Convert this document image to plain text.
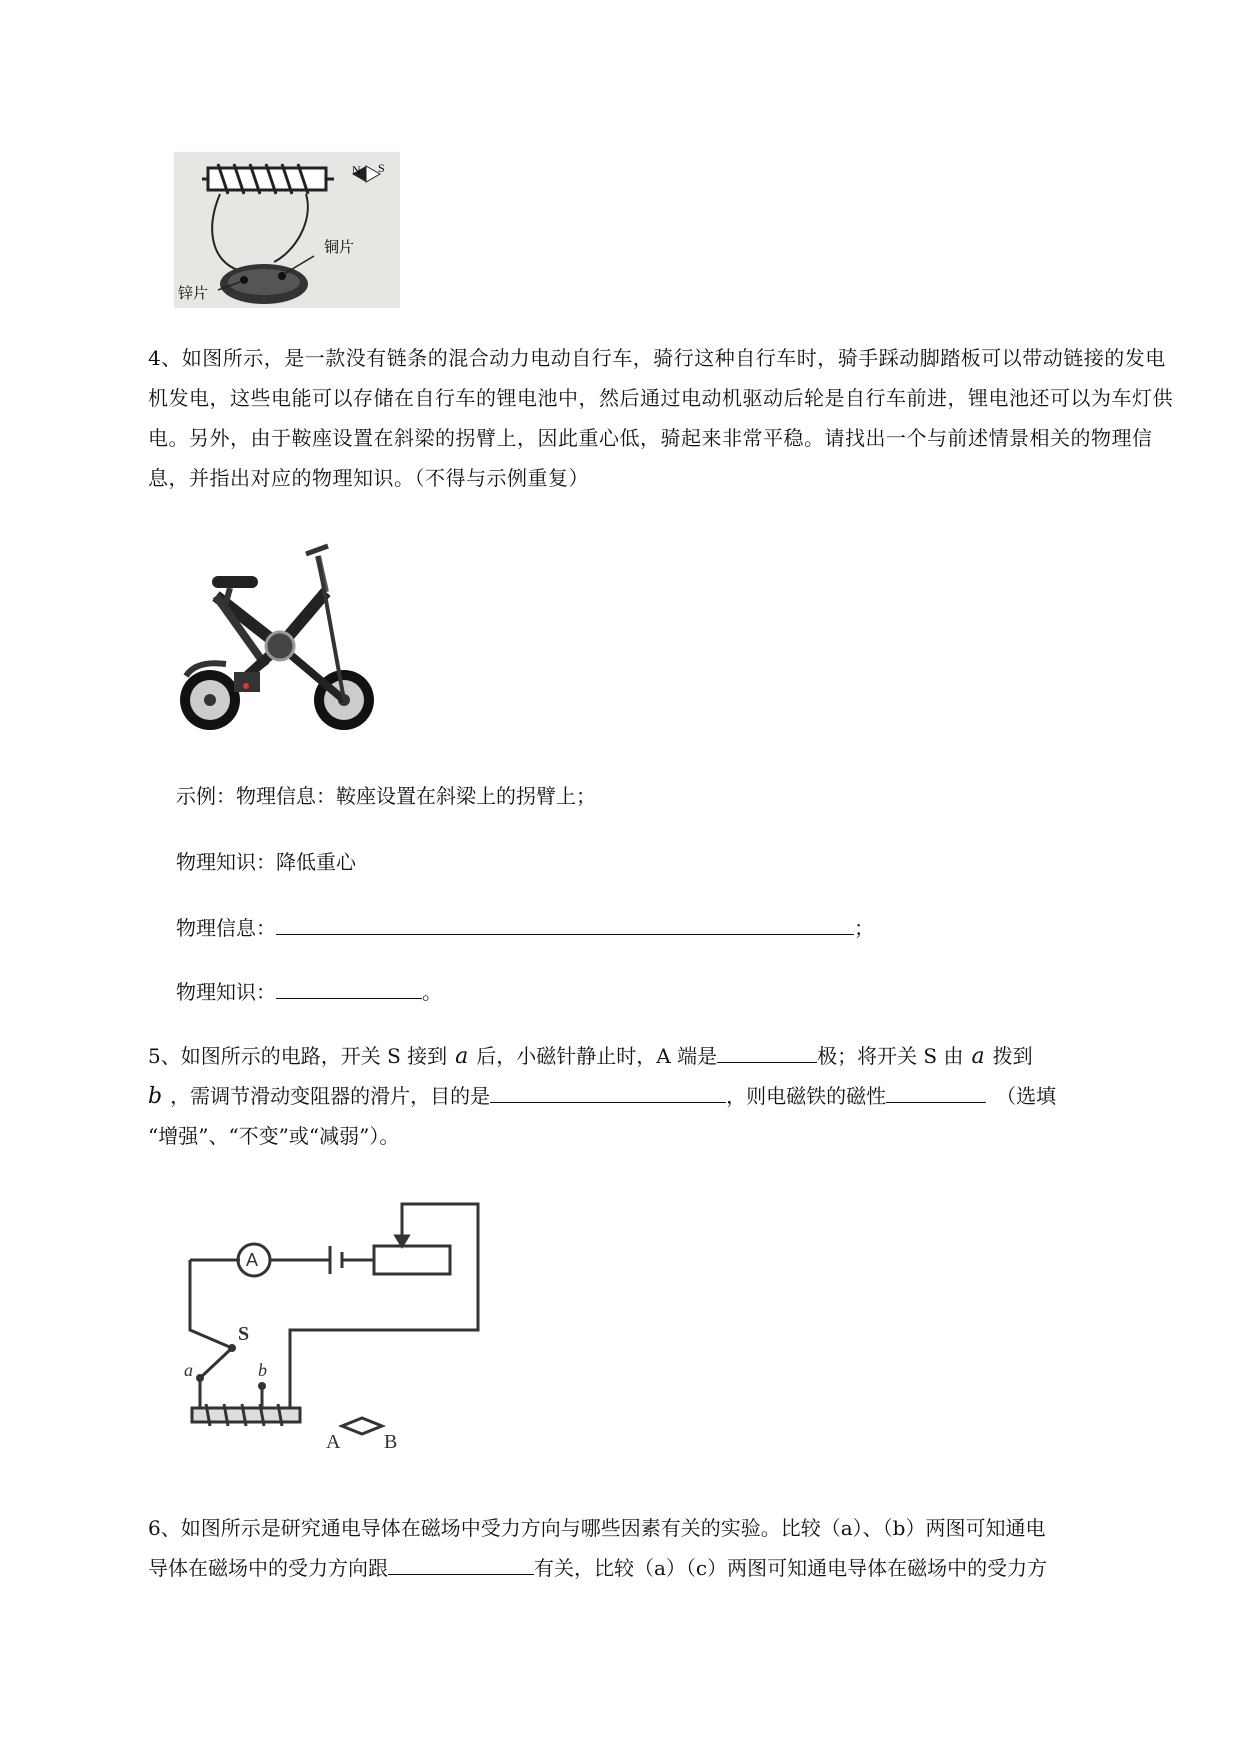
N S
铜片
锌片
4、如图所示，是一款没有链条的混合动力电动自行车，骑行这种自行车时，骑手踩动脚踏板可以带动链接的发电机发电，这些电能可以存储在自行车的锂电池中，然后通过电动机驱动后轮是自行车前进，锂电池还可以为车灯供电。另外，由于鞍座设置在斜梁的拐臂上，因此重心低，骑起来非常平稳。请找出一个与前述情景相关的物理信息，并指出对应的物理知识。（不得与示例重复）
示例：物理信息：鞍座设置在斜梁上的拐臂上；
物理知识：降低重心
物理信息：	；
物理知识：	。
5、如图所示的电路，开关 S 接到 a 后，小磁针静止时，A 端是	极；将开关 S 由 a 拨到
b ，需调节滑动变阻器的滑片，目的是	，则电磁铁的磁性	（选填
“增强”、“不变”或“减弱”）。
A
S
a	b
A B
6、如图所示是研究通电导体在磁场中受力方向与哪些因素有关的实验。比较（a）、（b）两图可知通电
导体在磁场中的受力方向跟	有关，比较（a）（c）两图可知通电导体在磁场中的受力方
